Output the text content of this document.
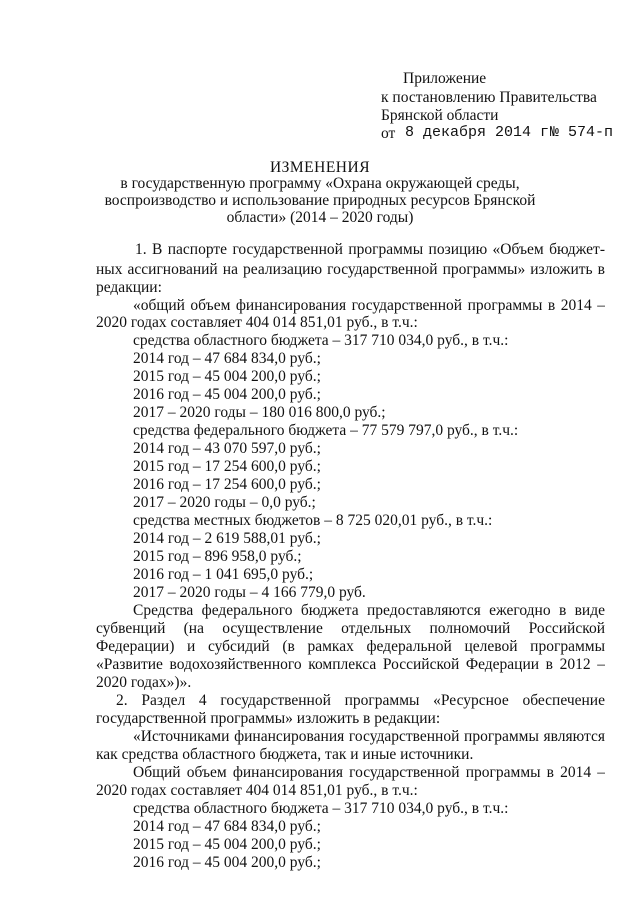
Приложение
к постановлению Правительства
Брянской области
от 8 декабря 2014 г.
№ 574-п
ИЗМЕНЕНИЯ
в государственную программу «Охрана окружающей среды,
воспроизводство и использование природных ресурсов Брянской
области» (2014 – 2020 годы)
1. В паспорте государственной программы позицию «Объем бюджет-
ных ассигнований на реализацию государственной программы» изложить в
редакции:
«общий объем финансирования государственной программы в 2014 –
2020 годах составляет 404 014 851,01 руб., в т.ч.:
средства областного бюджета – 317 710 034,0 руб., в т.ч.:
2014 год – 47 684 834,0 руб.;
2015 год – 45 004 200,0 руб.;
2016 год – 45 004 200,0 руб.;
2017 – 2020 годы – 180 016 800,0 руб.;
средства федерального бюджета – 77 579 797,0 руб., в т.ч.:
2014 год – 43 070 597,0 руб.;
2015 год – 17 254 600,0 руб.;
2016 год – 17 254 600,0 руб.;
2017 – 2020 годы – 0,0 руб.;
средства местных бюджетов – 8 725 020,01 руб., в т.ч.:
2014 год – 2 619 588,01 руб.;
2015 год – 896 958,0 руб.;
2016 год – 1 041 695,0 руб.;
2017 – 2020 годы – 4 166 779,0 руб.
Средства федерального бюджета предоставляются ежегодно в виде
субвенций (на осуществление отдельных полномочий Российской
Федерации) и субсидий (в рамках федеральной целевой программы
«Развитие водохозяйственного комплекса Российской Федерации в 2012 –
2020 годах»)».
2. Раздел 4 государственной программы «Ресурсное обеспечение
государственной программы» изложить в редакции:
«Источниками финансирования государственной программы являются
как средства областного бюджета, так и иные источники.
Общий объем финансирования государственной программы в 2014 –
2020 годах составляет 404 014 851,01 руб., в т.ч.:
средства областного бюджета – 317 710 034,0 руб., в т.ч.:
2014 год – 47 684 834,0 руб.;
2015 год – 45 004 200,0 руб.;
2016 год – 45 004 200,0 руб.;
